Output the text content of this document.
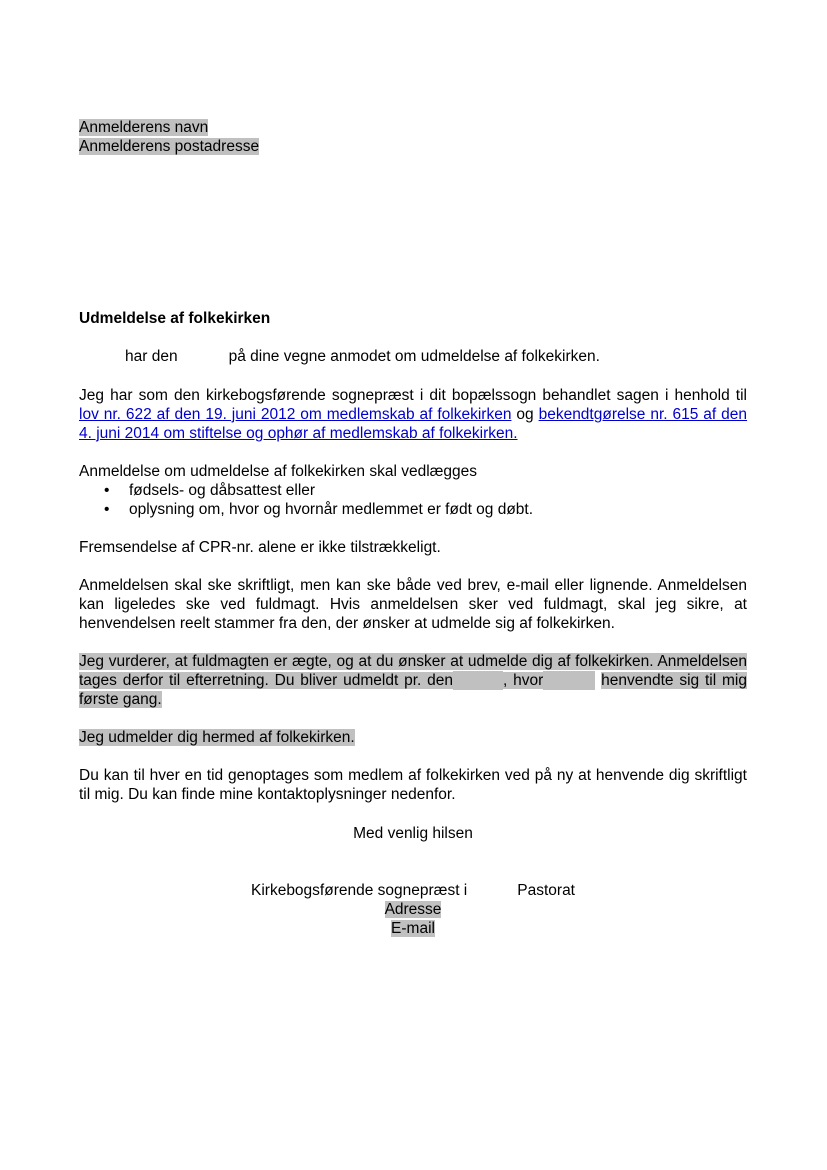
Anmelderens navn
Anmelderens postadresse

Udmeldelse af folkekirken

har den	på dine vegne anmodet om udmeldelse af folkekirken.

Jeg har som den kirkebogsførende sognepræst i dit bopælssogn behandlet sagen i henhold til lov nr. 622 af den 19. juni 2012 om medlemskab af folkekirken og bekendtgørelse nr. 615 af den 4. juni 2014 om stiftelse og ophør af medlemskab af folkekirken.

Anmeldelse om udmeldelse af folkekirken skal vedlægges

• fødsels- og dåbsattest eller
• oplysning om, hvor og hvornår medlemmet er født og døbt.

Fremsendelse af CPR-nr. alene er ikke tilstrækkeligt.

Anmeldelsen skal ske skriftligt, men kan ske både ved brev, e-mail eller lignende. Anmeldelsen kan ligeledes ske ved fuldmagt. Hvis anmeldelsen sker ved fuldmagt, skal jeg sikre, at henvendelsen reelt stammer fra den, der ønsker at udmelde sig af folkekirken.

Jeg vurderer, at fuldmagten er ægte, og at du ønsker at udmelde dig af folkekirken. Anmeldelsen tages derfor til efterretning. Du bliver udmeldt pr. den	, hvor	henvendte sig til mig første gang.

Jeg udmelder dig hermed af folkekirken.

Du kan til hver en tid genoptages som medlem af folkekirken ved på ny at henvende dig skriftligt til mig. Du kan finde mine kontaktoplysninger nedenfor.

Med venlig hilsen

Kirkebogsførende sognepræst i	Pastorat
Adresse
E-mail
